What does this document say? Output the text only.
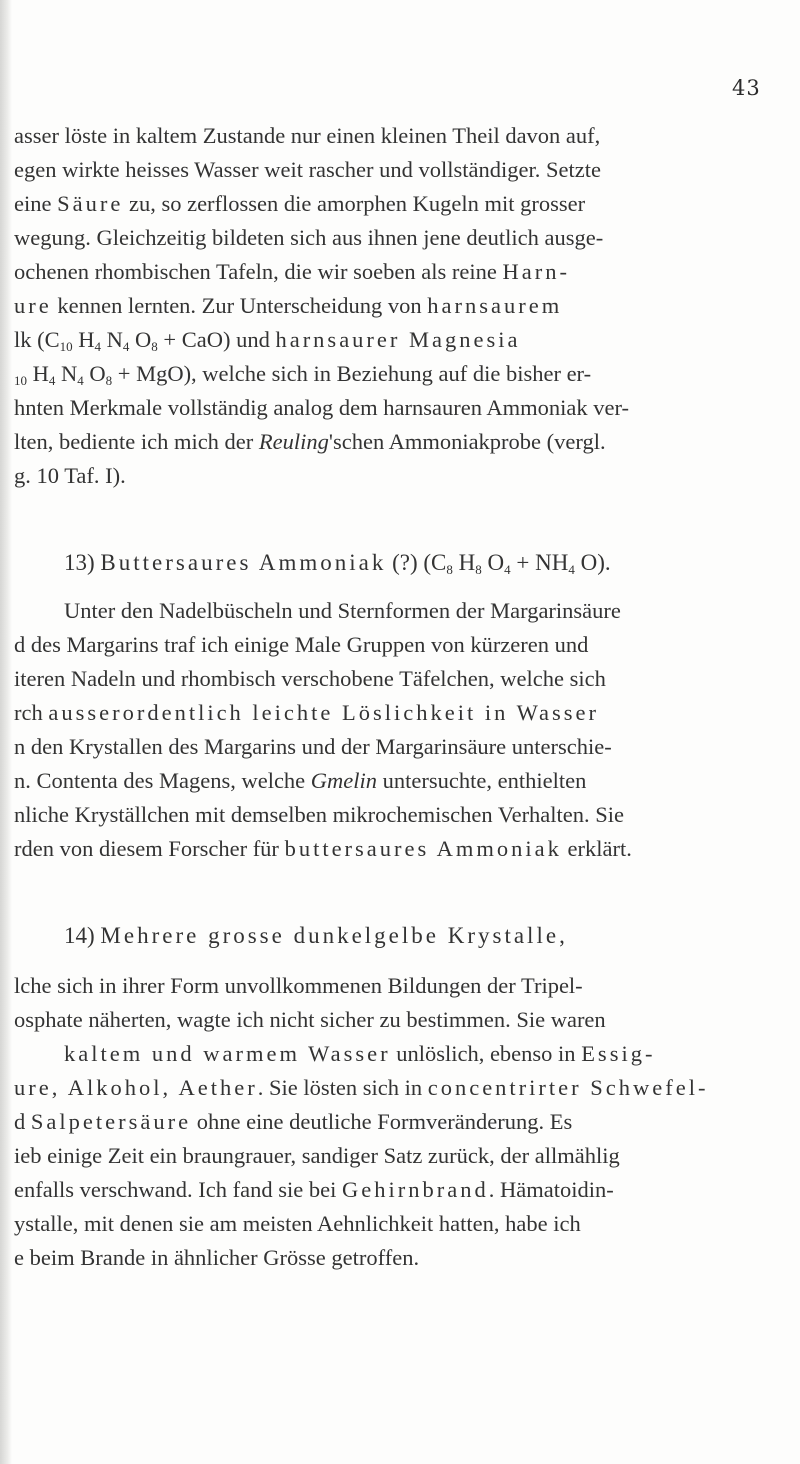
43
asser löste in kaltem Zustande nur einen kleinen Theil davon auf,
egen wirkte heisses Wasser weit rascher und vollständiger. Setzte
eine Säure zu, so zerflossen die amorphen Kugeln mit grosser
wegung. Gleichzeitig bildeten sich aus ihnen jene deutlich ausge-
ochenen rhombischen Tafeln, die wir soeben als reine Harn-
ure kennen lernten. Zur Unterscheidung von harnsaurem
lk ($C_{10}$ $H_4$ $N_4$ $O_8 + CaO$) und harnsaurer Magnesia
$_{10}$ $H_4$ $N_4$ $O_8 + MgO$), welche sich in Beziehung auf die bisher er-
hnten Merkmale vollständig analog dem harnsauren Ammoniak ver-
lten, bediente ich mich der Reuling'schen Ammoniakprobe (vergl.
g. 10 Taf. I).
13) Buttersaures Ammoniak (?) ($C_8$ $H_8$ $O_4 + NH_4$ O).
Unter den Nadelbüscheln und Sternformen der Margarinsäure
d des Margarins traf ich einige Male Gruppen von kürzeren und
iteren Nadeln und rhombisch verschobene Täfelchen, welche sich
rch ausserordentlich leichte Löslichkeit in Wasser
n den Krystallen des Margarins und der Margarinsäure unterschie-
n. Contenta des Magens, welche Gmelin untersuchte, enthielten
nliche Kryställchen mit demselben mikrochemischen Verhalten. Sie
rden von diesem Forscher für buttersaures Ammoniak erklärt.
14) Mehrere grosse dunkelgelbe Krystalle,
lche sich in ihrer Form unvollkommenen Bildungen der Tripel-
osphate näherten, wagte ich nicht sicher zu bestimmen. Sie waren
kaltem und warmem Wasser unlöslich, ebenso in Essig-
ure, Alkohol, Aether. Sie lösten sich in concentrirter Schwefel-
d Salpetersäure ohne eine deutliche Formveränderung. Es
ieb einige Zeit ein braungrauer, sandiger Satz zurück, der allmählig
enfalls verschwand. Ich fand sie bei Gehirnbrand. Hämatoidin-
ystalle, mit denen sie am meisten Aehnlichkeit hatten, habe ich
e beim Brande in ähnlicher Grösse getroffen.
